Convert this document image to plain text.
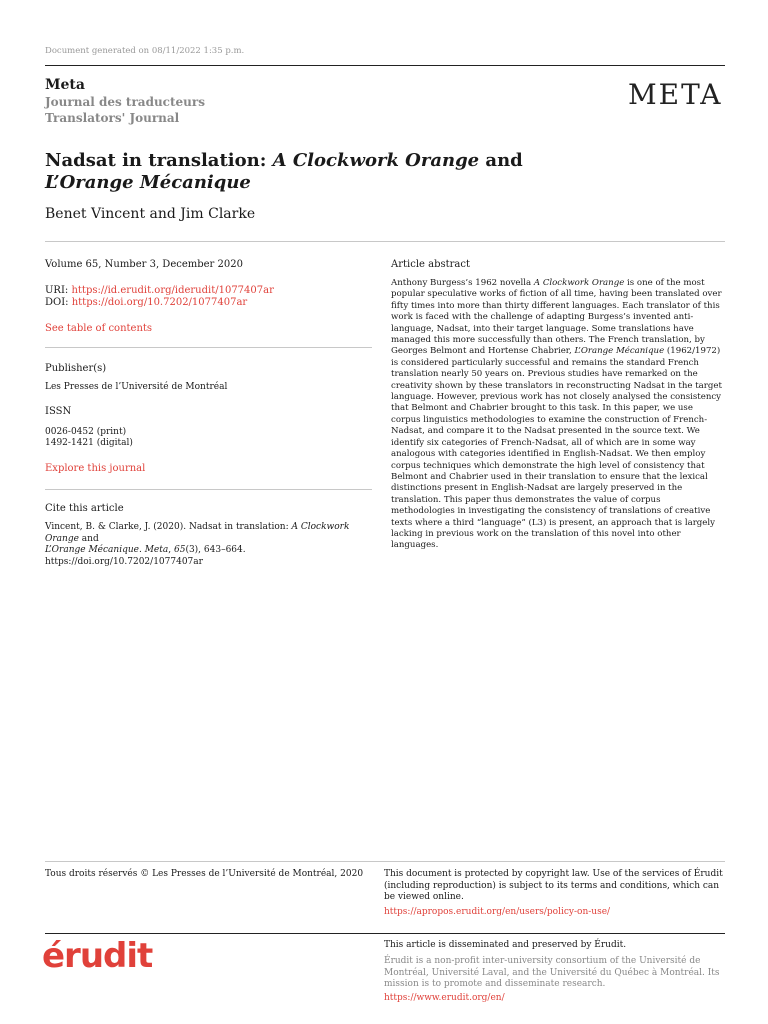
Document generated on 08/11/2022 1:35 p.m.
Meta
Journal des traducteurs
Translators' Journal
META
Nadsat in translation: A Clockwork Orange and L’Orange Mécanique
Benet Vincent and Jim Clarke
Volume 65, Number 3, December 2020
URI: https://id.erudit.org/iderudit/1077407ar
DOI: https://doi.org/10.7202/1077407ar
See table of contents
Publisher(s)
Les Presses de l’Université de Montréal
ISSN
0026-0452 (print)
1492-1421 (digital)
Explore this journal
Cite this article
Vincent, B. & Clarke, J. (2020). Nadsat in translation: A Clockwork Orange and
L’Orange Mécanique. Meta, 65(3), 643–664. https://doi.org/10.7202/1077407ar
Article abstract
Anthony Burgess’s 1962 novella A Clockwork Orange is one of the most popular speculative works of fiction of all time, having been translated over fifty times into more than thirty different languages. Each translator of this work is faced with the challenge of adapting Burgess’s invented anti-language, Nadsat, into their target language. Some translations have managed this more successfully than others. The French translation, by Georges Belmont and Hortense Chabrier, L’Orange Mécanique (1962/1972) is considered particularly successful and remains the standard French translation nearly 50 years on. Previous studies have remarked on the creativity shown by these translators in reconstructing Nadsat in the target language. However, previous work has not closely analysed the consistency that Belmont and Chabrier brought to this task. In this paper, we use corpus linguistics methodologies to examine the construction of French-Nadsat, and compare it to the Nadsat presented in the source text. We identify six categories of French-Nadsat, all of which are in some way analogous with categories identified in English-Nadsat. We then employ corpus techniques which demonstrate the high level of consistency that Belmont and Chabrier used in their translation to ensure that the lexical distinctions present in English-Nadsat are largely preserved in the translation. This paper thus demonstrates the value of corpus methodologies in investigating the consistency of translations of creative texts where a third “language” (L3) is present, an approach that is largely lacking in previous work on the translation of this novel into other languages.
Tous droits réservés © Les Presses de l’Université de Montréal, 2020 This document is protected by copyright law. Use of the services of Érudit (including reproduction) is subject to its terms and conditions, which can be viewed online.
https://apropos.erudit.org/en/users/policy-on-use/
érudit	This article is disseminated and preserved by Érudit.
Érudit is a non-profit inter-university consortium of the Université de Montréal, Université Laval, and the Université du Québec à Montréal. Its mission is to promote and disseminate research.
https://www.erudit.org/en/
